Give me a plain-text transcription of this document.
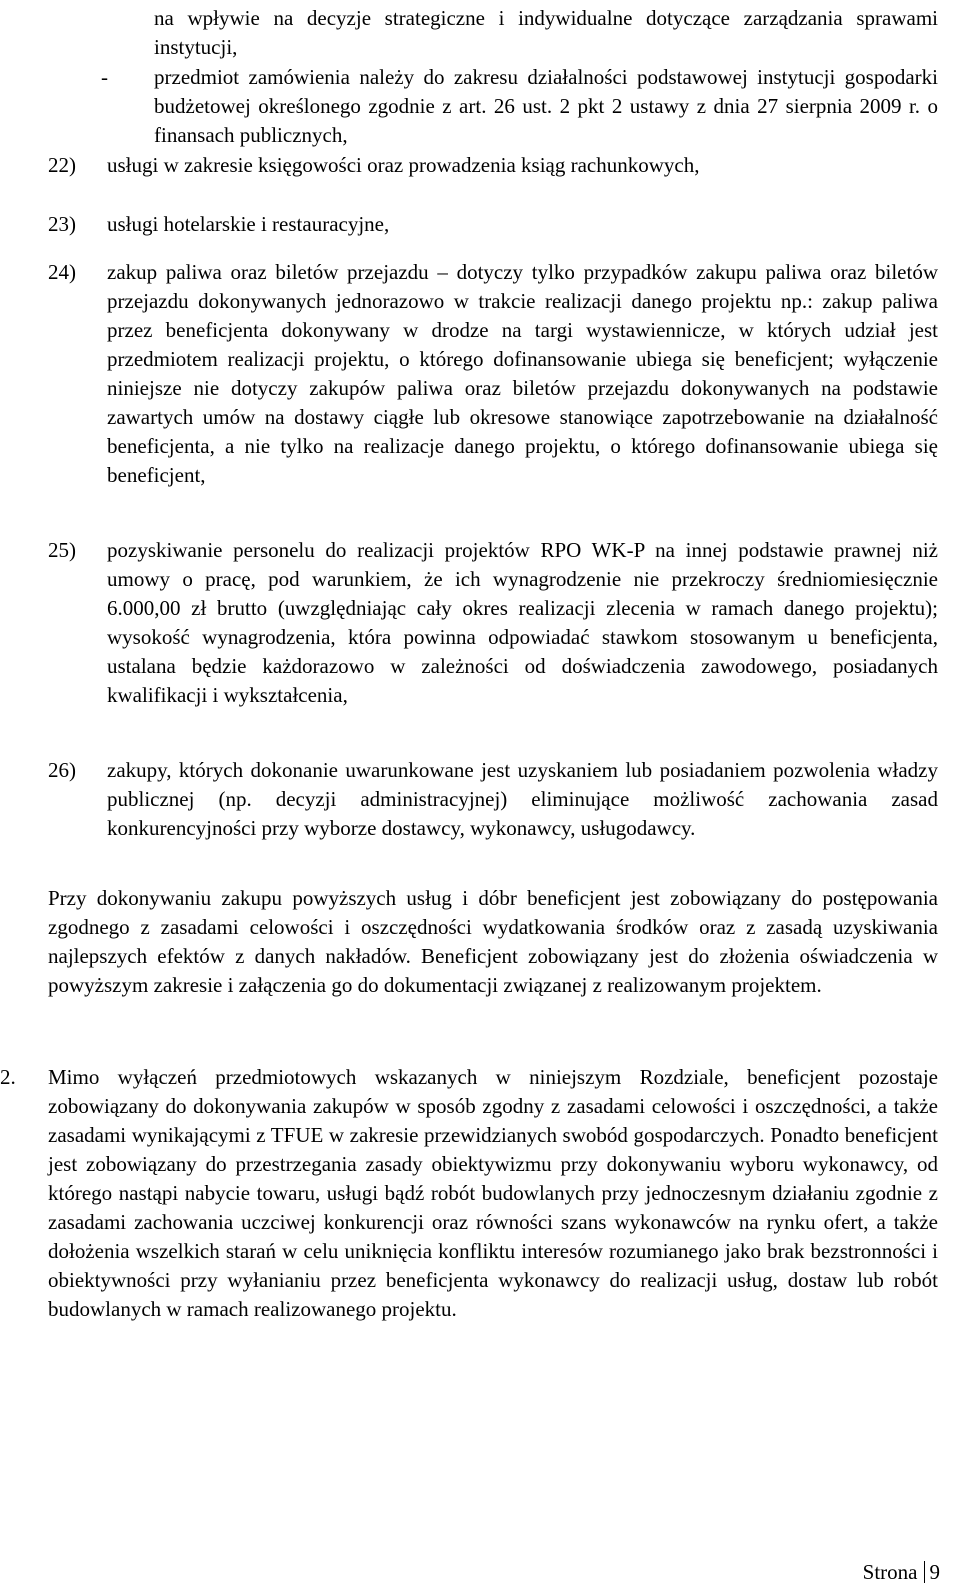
na wpływie na decyzje strategiczne i indywidualne dotyczące zarządzania sprawami instytucji,

- przedmiot zamówienia należy do zakresu działalności podstawowej instytucji gospodarki budżetowej określonego zgodnie z art. 26 ust. 2 pkt 2 ustawy z dnia 27 sierpnia 2009 r. o finansach publicznych,

22) usługi w zakresie księgowości oraz prowadzenia ksiąg rachunkowych,

23) usługi hotelarskie i restauracyjne,

24) zakup paliwa oraz biletów przejazdu – dotyczy tylko przypadków zakupu paliwa oraz biletów przejazdu dokonywanych jednorazowo w trakcie realizacji danego projektu np.: zakup paliwa przez beneficjenta dokonywany w drodze na targi wystawiennicze, w których udział jest przedmiotem realizacji projektu, o którego dofinansowanie ubiega się beneficjent; wyłączenie niniejsze nie dotyczy zakupów paliwa oraz biletów przejazdu dokonywanych na podstawie zawartych umów na dostawy ciągłe lub okresowe stanowiące zapotrzebowanie na działalność beneficjenta, a nie tylko na realizacje danego projektu, o którego dofinansowanie ubiega się beneficjent,

25) pozyskiwanie personelu do realizacji projektów RPO WK-P na innej podstawie prawnej niż umowy o pracę, pod warunkiem, że ich wynagrodzenie nie przekroczy średniomiesięcznie 6.000,00 zł brutto (uwzględniając cały okres realizacji zlecenia w ramach danego projektu); wysokość wynagrodzenia, która powinna odpowiadać stawkom stosowanym u beneficjenta, ustalana będzie każdorazowo w zależności od doświadczenia zawodowego, posiadanych kwalifikacji i wykształcenia,

26) zakupy, których dokonanie uwarunkowane jest uzyskaniem lub posiadaniem pozwolenia władzy publicznej (np. decyzji administracyjnej) eliminujące możliwość zachowania zasad konkurencyjności przy wyborze dostawcy, wykonawcy, usługodawcy.

Przy dokonywaniu zakupu powyższych usług i dóbr beneficjent jest zobowiązany do postępowania zgodnego z zasadami celowości i oszczędności wydatkowania środków oraz z zasadą uzyskiwania najlepszych efektów z danych nakładów. Beneficjent zobowiązany jest do złożenia oświadczenia w powyższym zakresie i załączenia go do dokumentacji związanej z realizowanym projektem.

2. Mimo wyłączeń przedmiotowych wskazanych w niniejszym Rozdziale, beneficjent pozostaje zobowiązany do dokonywania zakupów w sposób zgodny z zasadami celowości i oszczędności, a także zasadami wynikającymi z TFUE w zakresie przewidzianych swobód gospodarczych. Ponadto beneficjent jest zobowiązany do przestrzegania zasady obiektywizmu przy dokonywaniu wyboru wykonawcy, od którego nastąpi nabycie towaru, usługi bądź robót budowlanych przy jednoczesnym działaniu zgodnie z zasadami zachowania uczciwej konkurencji oraz równości szans wykonawców na rynku ofert, a także dołożenia wszelkich starań w celu uniknięcia konfliktu interesów rozumianego jako brak bezstronności i obiektywności przy wyłanianiu przez beneficjenta wykonawcy do realizacji usług, dostaw lub robót budowlanych w ramach realizowanego projektu.

Strona 9
